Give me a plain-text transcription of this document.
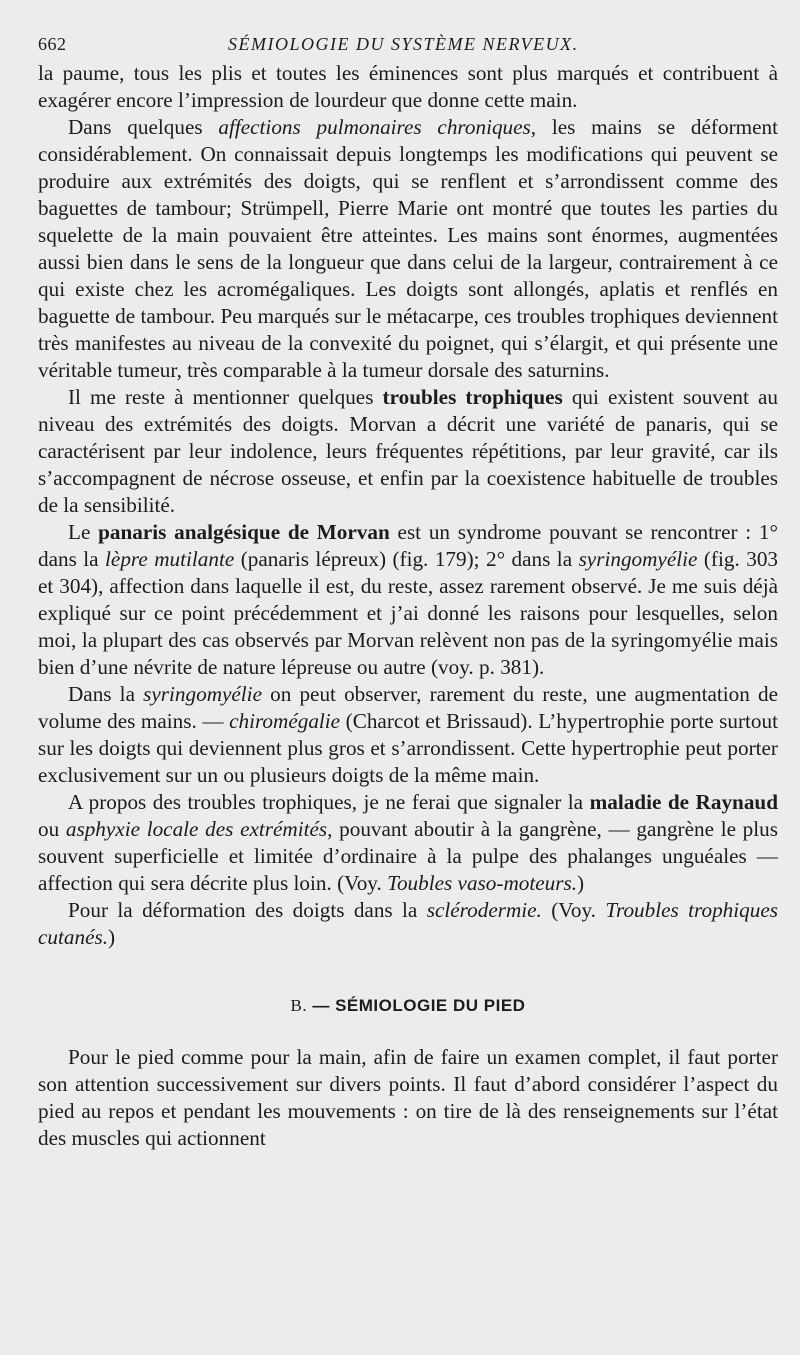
662	SÉMIOLOGIE DU SYSTÈME NERVEUX.

la paume, tous les plis et toutes les éminences sont plus marqués et contribuent à exagérer encore l’impression de lourdeur que donne cette main.

Dans quelques affections pulmonaires chroniques, les mains se déforment considérablement. On connaissait depuis longtemps les modifications qui peuvent se produire aux extrémités des doigts, qui se renflent et s’arrondissent comme des baguettes de tambour; Strümpell, Pierre Marie ont montré que toutes les parties du squelette de la main pouvaient être atteintes. Les mains sont énormes, augmentées aussi bien dans le sens de la longueur que dans celui de la largeur, contrairement à ce qui existe chez les acromégaliques. Les doigts sont allongés, aplatis et renflés en baguette de tambour. Peu marqués sur le métacarpe, ces troubles trophiques deviennent très manifestes au niveau de la convexité du poignet, qui s’élargit, et qui présente une véritable tumeur, très comparable à la tumeur dorsale des saturnins.

Il me reste à mentionner quelques troubles trophiques qui existent souvent au niveau des extrémités des doigts. Morvan a décrit une variété de panaris, qui se caractérisent par leur indolence, leurs fréquentes répétitions, par leur gravité, car ils s’accompagnent de nécrose osseuse, et enfin par la coexistence habituelle de troubles de la sensibilité.

Le panaris analgésique de Morvan est un syndrome pouvant se rencontrer : 1° dans la lèpre mutilante (panaris lépreux) (fig. 179); 2° dans la syringomyélie (fig. 303 et 304), affection dans laquelle il est, du reste, assez rarement observé. Je me suis déjà expliqué sur ce point précédemment et j’ai donné les raisons pour lesquelles, selon moi, la plupart des cas observés par Morvan relèvent non pas de la syringomyélie mais bien d’une névrite de nature lépreuse ou autre (voy. p. 381).

Dans la syringomyélie on peut observer, rarement du reste, une augmentation de volume des mains. — chiromégalie (Charcot et Brissaud). L’hypertrophie porte surtout sur les doigts qui deviennent plus gros et s’arrondissent. Cette hypertrophie peut porter exclusivement sur un ou plusieurs doigts de la même main.

A propos des troubles trophiques, je ne ferai que signaler la maladie de Raynaud ou asphyxie locale des extrémités, pouvant aboutir à la gangrène, — gangrène le plus souvent superficielle et limitée d’ordinaire à la pulpe des phalanges unguéales — affection qui sera décrite plus loin. (Voy. Toubles vaso-moteurs.)

Pour la déformation des doigts dans la sclérodermie. (Voy. Troubles trophiques cutanés.)

B. — SÉMIOLOGIE DU PIED

Pour le pied comme pour la main, afin de faire un examen complet, il faut porter son attention successivement sur divers points. Il faut d’abord considérer l’aspect du pied au repos et pendant les mouvements : on tire de là des renseignements sur l’état des muscles qui actionnent
